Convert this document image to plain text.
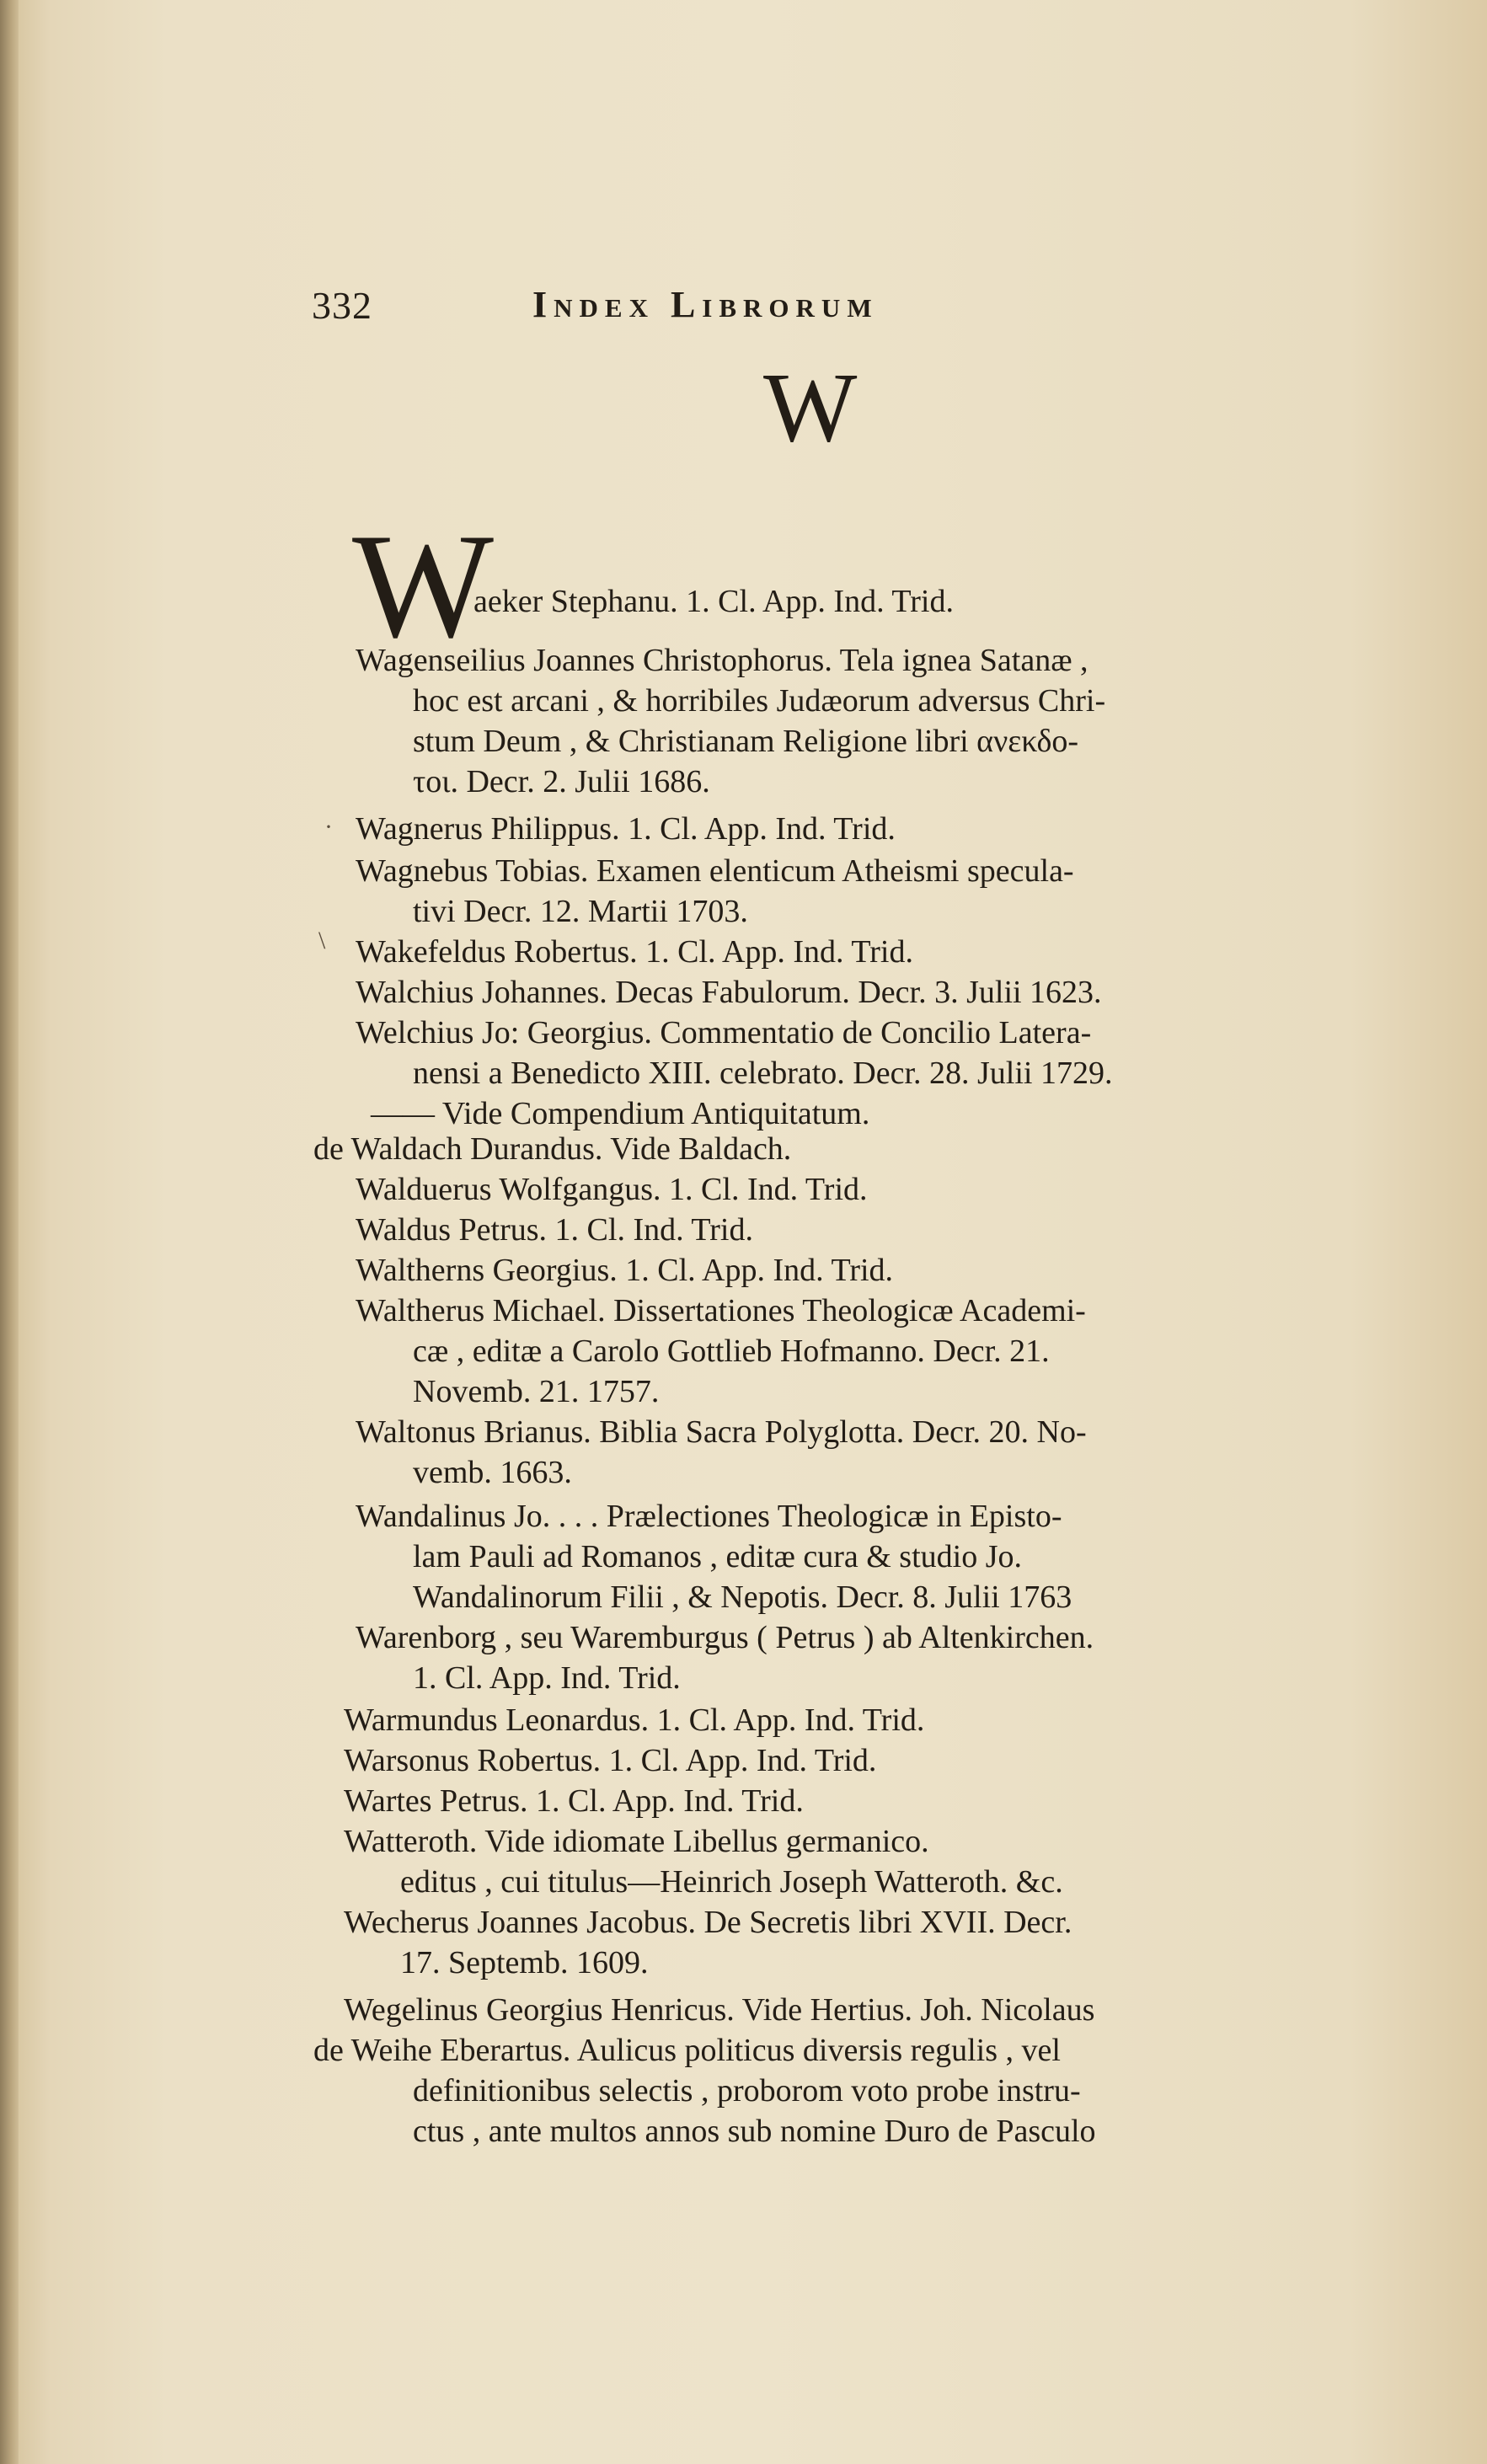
332	Index Librorum
W
W
·
\
aeker Stephanu. 1. Cl. App. Ind. Trid.
Wagenseilius Joannes Christophorus. Tela ignea Satanæ ,
hoc est arcani , & horribiles Judæorum adversus Chri-
stum Deum , & Christianam Religione libri ανεκδο-
τοι. Decr. 2. Julii 1686.
Wagnerus Philippus. 1. Cl. App. Ind. Trid.
Wagnebus Tobias. Examen elenticum Atheismi specula-
tivi Decr. 12. Martii 1703.
Wakefeldus Robertus. 1. Cl. App. Ind. Trid.
Walchius Johannes. Decas Fabulorum. Decr. 3. Julii 1623.
Welchius Jo: Georgius. Commentatio de Concilio Latera-
nensi a Benedicto XIII. celebrato. Decr. 28. Julii 1729.
—— Vide Compendium Antiquitatum.
de Waldach Durandus. Vide Baldach.
Walduerus Wolfgangus. 1. Cl. Ind. Trid.
Waldus Petrus. 1. Cl. Ind. Trid.
Waltherns Georgius. 1. Cl. App. Ind. Trid.
Waltherus Michael. Dissertationes Theologicæ Academi-
cæ , editæ a Carolo Gottlieb Hofmanno. Decr. 21.
Novemb. 21. 1757.
Waltonus Brianus. Biblia Sacra Polyglotta. Decr. 20. No-
vemb. 1663.
Wandalinus Jo. . . . Prælectiones Theologicæ in Episto-
lam Pauli ad Romanos , editæ cura & studio Jo.
Wandalinorum Filii , & Nepotis. Decr. 8. Julii 1763
Warenborg , seu Waremburgus ( Petrus ) ab Altenkirchen.
1. Cl. App. Ind. Trid.
Warmundus Leonardus. 1. Cl. App. Ind. Trid.
Warsonus Robertus. 1. Cl. App. Ind. Trid.
Wartes Petrus. 1. Cl. App. Ind. Trid.
Watteroth. Vide idiomate Libellus germanico.
editus , cui titulus—Heinrich Joseph Watteroth. &c.
Wecherus Joannes Jacobus. De Secretis libri XVII. Decr.
17. Septemb. 1609.
Wegelinus Georgius Henricus. Vide Hertius. Joh. Nicolaus
de Weihe Eberartus. Aulicus politicus diversis regulis , vel
definitionibus selectis , proborom voto probe instru-
ctus , ante multos annos sub nomine Duro de Pasculo
